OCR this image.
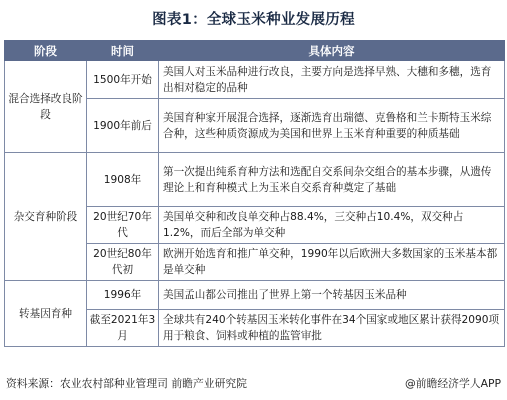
图表1：全球玉米种业发展历程
阶段	时间	具体内容
混合选择改良阶段	1500年开始	美国人对玉米品种进行改良，主要方向是选择早熟、大穗和多穗，选育出相对稳定的品种
	1900年前后	美国育种家开展混合选择，逐渐选育出瑞德、克鲁格和兰卡斯特玉米综合种，这些种质资源成为美国和世界上玉米育种重要的种质基础
杂交育种阶段	1908年	第一次提出纯系育种方法和选配自交系间杂交组合的基本步骤，从遗传理论上和育种模式上为玉米自交系育种奠定了基础
	20世纪70年代	美国单交种和改良单交种占88.4%，三交种占10.4%，双交种占1.2%，而后全部为单交种
	20世纪80年代初	欧洲开始选育和推广单交种，1990年以后欧洲大多数国家的玉米基本都是单交种
转基因育种	1996年	美国孟山都公司推出了世界上第一个转基因玉米品种
	截至2021年3月	全球共有240个转基因玉米转化事件在34个国家或地区累计获得2090项用于粮食、饲料或种植的监管审批
资料来源：农业农村部种业管理司 前瞻产业研究院	@前瞻经济学人APP
